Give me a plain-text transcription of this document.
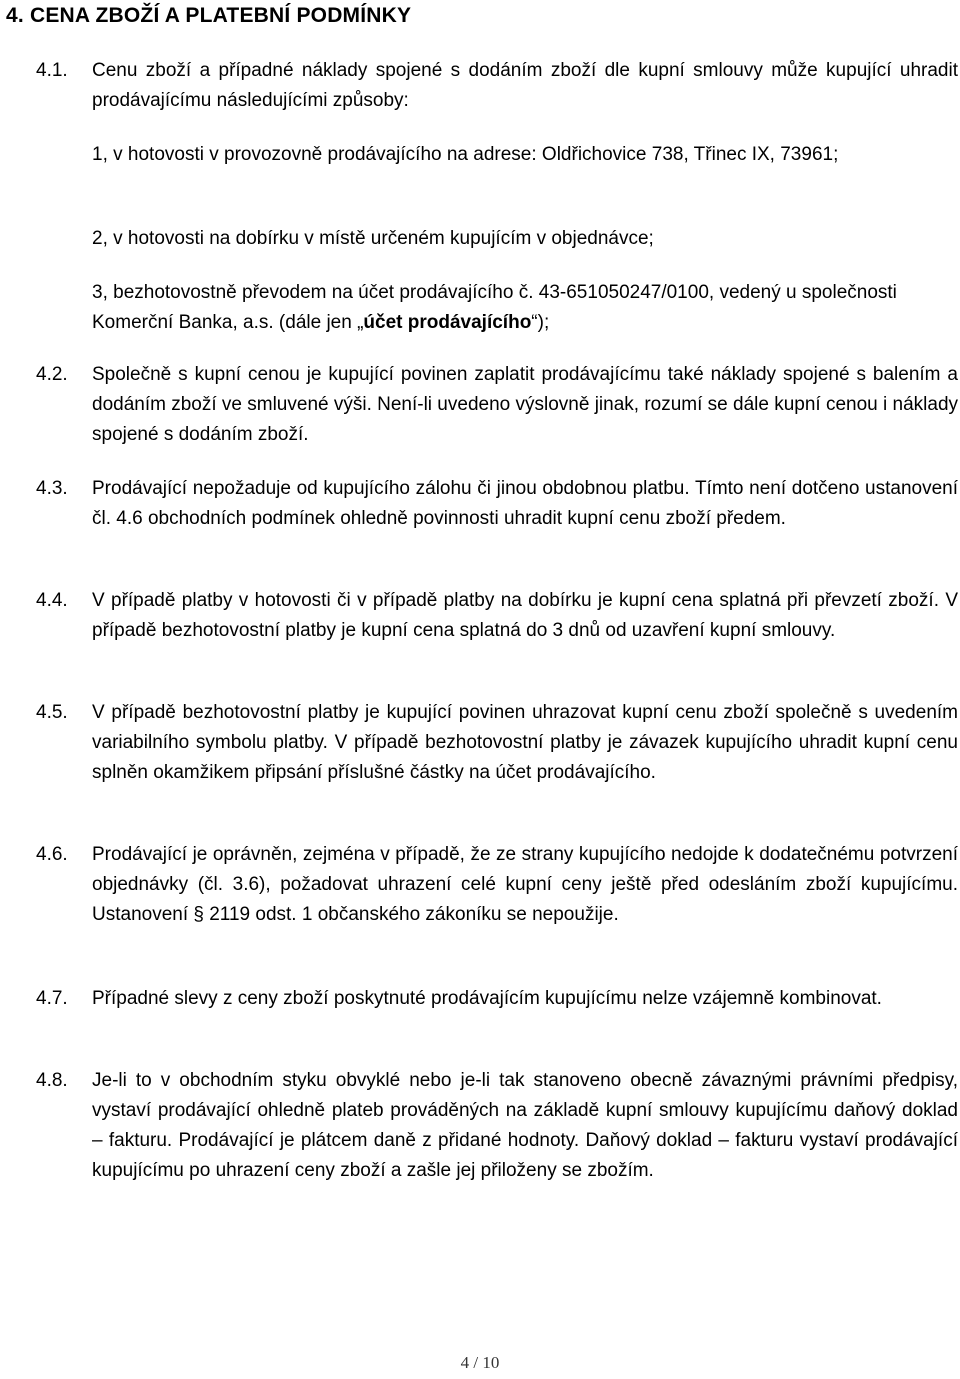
4. CENA ZBOŽÍ A PLATEBNÍ PODMÍNKY
4.1. Cenu zboží a případné náklady spojené s dodáním zboží dle kupní smlouvy může kupující uhradit prodávajícímu následujícími způsoby:
1, v hotovosti v provozovně prodávajícího na adrese: Oldřichovice 738, Třinec IX, 73961;
2, v hotovosti na dobírku v místě určeném kupujícím v objednávce;
3, bezhotovostně převodem na účet prodávajícího č. 43-651050247/0100, vedený u společnosti Komerční Banka, a.s. (dále jen „účet prodávajícího“);
4.2. Společně s kupní cenou je kupující povinen zaplatit prodávajícímu také náklady spojené s balením a dodáním zboží ve smluvené výši. Není-li uvedeno výslovně jinak, rozumí se dále kupní cenou i náklady spojené s dodáním zboží.
4.3. Prodávající nepožaduje od kupujícího zálohu či jinou obdobnou platbu. Tímto není dotčeno ustanovení čl. 4.6 obchodních podmínek ohledně povinnosti uhradit kupní cenu zboží předem.
4.4. V případě platby v hotovosti či v případě platby na dobírku je kupní cena splatná při převzetí zboží. V případě bezhotovostní platby je kupní cena splatná do 3 dnů od uzavření kupní smlouvy.
4.5. V případě bezhotovostní platby je kupující povinen uhrazovat kupní cenu zboží společně s uvedením variabilního symbolu platby. V případě bezhotovostní platby je závazek kupujícího uhradit kupní cenu splněn okamžikem připsání příslušné částky na účet prodávajícího.
4.6. Prodávající je oprávněn, zejména v případě, že ze strany kupujícího nedojde k dodatečnému potvrzení objednávky (čl. 3.6), požadovat uhrazení celé kupní ceny ještě před odesláním zboží kupujícímu. Ustanovení § 2119 odst. 1 občanského zákoníku se nepoužije.
4.7. Případné slevy z ceny zboží poskytnuté prodávajícím kupujícímu nelze vzájemně kombinovat.
4.8. Je-li to v obchodním styku obvyklé nebo je-li tak stanoveno obecně závaznými právními předpisy, vystaví prodávající ohledně plateb prováděných na základě kupní smlouvy kupujícímu daňový doklad – fakturu. Prodávající je plátcem daně z přidané hodnoty. Daňový doklad – fakturu vystaví prodávající kupujícímu po uhrazení ceny zboží a zašle jej přiloženy se zbožím.
4 / 10
